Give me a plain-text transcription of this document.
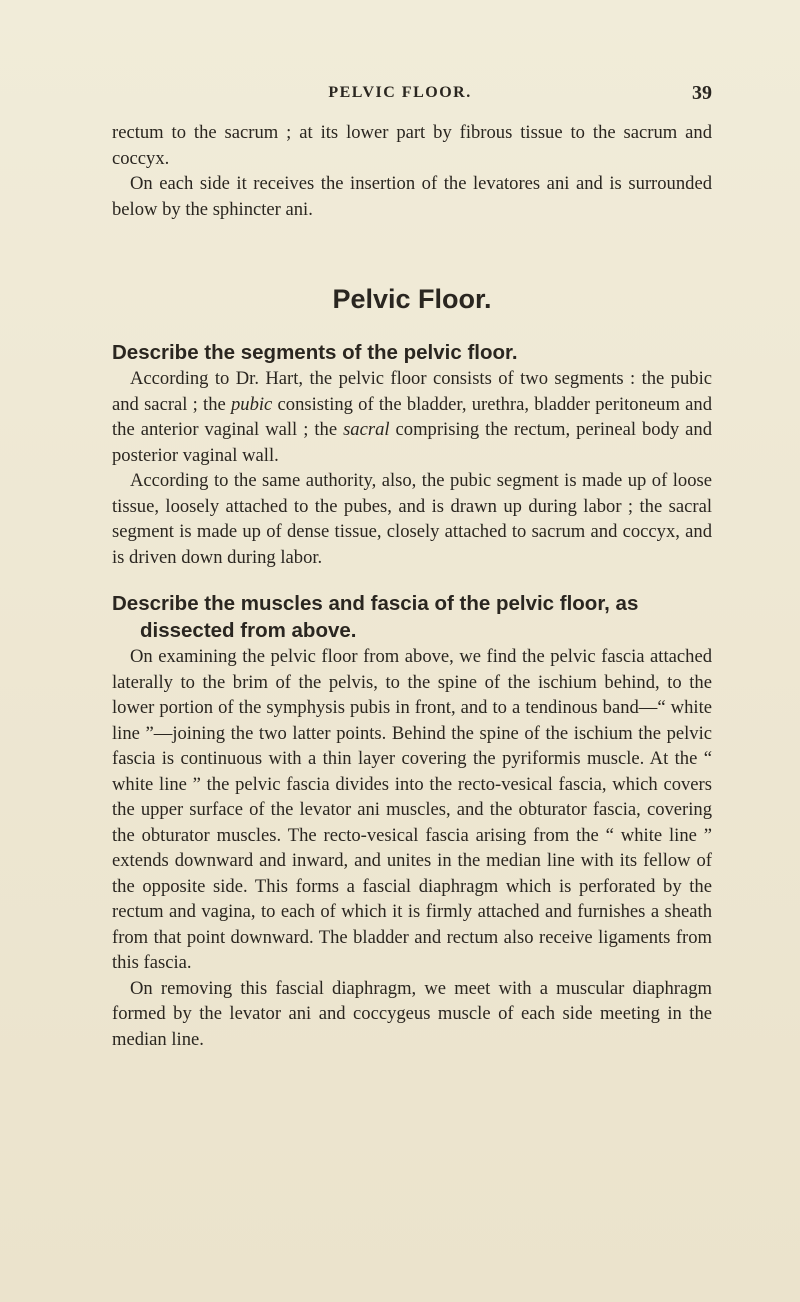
PELVIC FLOOR.	39

rectum to the sacrum ; at its lower part by fibrous tissue to the sacrum and coccyx.

On each side it receives the insertion of the levatores ani and is surrounded below by the sphincter ani.

Pelvic Floor.
Describe the segments of the pelvic floor.

According to Dr. Hart, the pelvic floor consists of two segments : the pubic and sacral ; the pubic consisting of the bladder, urethra, bladder peritoneum and the anterior vaginal wall ; the sacral comprising the rectum, perineal body and posterior vaginal wall.

According to the same authority, also, the pubic segment is made up of loose tissue, loosely attached to the pubes, and is drawn up during labor ; the sacral segment is made up of dense tissue, closely attached to sacrum and coccyx, and is driven down during labor.

Describe the muscles and fascia of the pelvic floor, as dissected from above.

On examining the pelvic floor from above, we find the pelvic fascia attached laterally to the brim of the pelvis, to the spine of the ischium behind, to the lower portion of the symphysis pubis in front, and to a tendinous band—“ white line ”—joining the two latter points. Behind the spine of the ischium the pelvic fascia is continuous with a thin layer covering the pyriformis muscle. At the “ white line ” the pelvic fascia divides into the recto-vesical fascia, which covers the upper surface of the levator ani muscles, and the obturator fascia, covering the obturator muscles. The recto-vesical fascia arising from the “ white line ” extends downward and inward, and unites in the median line with its fellow of the opposite side. This forms a fascial diaphragm which is perforated by the rectum and vagina, to each of which it is firmly attached and furnishes a sheath from that point downward. The bladder and rectum also receive ligaments from this fascia.

On removing this fascial diaphragm, we meet with a muscular diaphragm formed by the levator ani and coccygeus muscle of each side meeting in the median line.
